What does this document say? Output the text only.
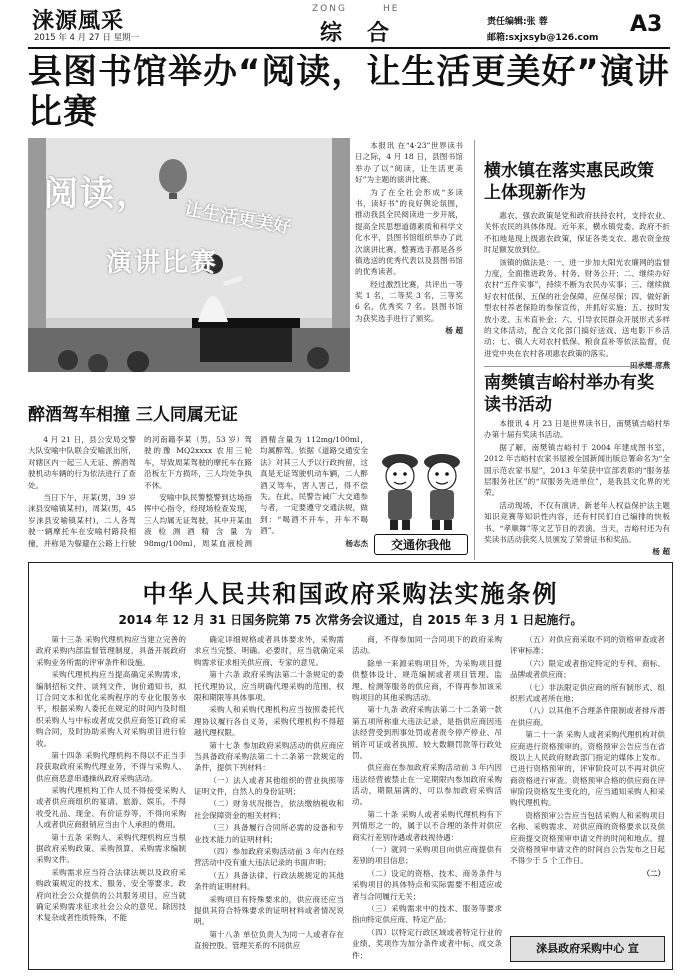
涞源風采
2015 年 4 月 27 日 星期一
ZONG	HE
综 合	责任编辑:张 蓉
邮箱:sxjxsyb@126.com
A3
县图书馆举办“阅读，让生活更美好”演讲比赛
阅读，
让生活更美好
演讲比赛

本报讯 在“4·23”世界读书日之际，4 月 18 日，县图书馆举办了以“阅读，让生活更美好”为主题的演讲比赛。

为了在全社会形成“多读书，读好书”的良好舆论氛围，推动我县全民阅读进一步开展，提高全民思想道德素质和科学文化水平，县图书馆组织举办了此次演讲比赛。整赛选手都是各乡镇选送的优秀代表以及县图书馆的优秀读者。

经过激烈比赛，共评出一等奖 1 名，二等奖 3 名，三等奖 6 名，优秀奖 7 名。县图书馆为获奖选手进行了颁奖。

杨 超

横水镇在落实惠民政策上体现新作为

惠农、强农政策是党和政府扶持农村，支持农业、关怀农民的具体体现。近年来，横水镇党委、政府不折不扣地是现上级惠农政策，保证各类支农、惠农资金按时足额发放到位。

该镇的做法是：一、进一步加大阳光农廉网的监督力度，全面推进政务、村务、财务公开；二、继续办好农村“五件实事”，持续不断为农民办实事；三、继续做好农村低保、五保的社会保障，应保尽保；四、做好新型农村养老保险的参保宣传，并抓好实施；五、按时发放小麦、玉米直补金；六、引导农民群众开展形式多样的文体活动，配合文化部门搞好送戏、送电影下乡活动；七、镇人大对农村低保、粮食直补等依法监督，促进党中央在农村各项惠农政策的落实。

南樊镇吉峪村举办有奖读书活动

本报讯 4 月 23 日是世界读书日，南樊镇吉峪村举办第十届有奖读书活动。

据了解，南樊镇吉峪村于 2004 年建成图书室，2012 年吉峪村农家书屋被全国新闻出版总署命名为“全国示范农家书屋”，2013 年荣获中宣部表彰的“服务基层服务社区”的“双服务先进单位”，是我县文化界的光荣。

活动现场，不仅有演讲，新老年人权益保护法主题知识竞赛等知识性内容，还有村民们自己编排的快板书、“孝顺舞”等文艺节目的表演。当天，吉峪村还为有奖读书活动获奖人员颁发了荣誉证书和奖品。

杨 超

醉酒驾车相撞 三人同属无证

4 月 21 日，县公安局交警大队安喻中队联合安喻派出所，对辖区内一起三人无证、醉酒驾驶机动车辆的行为依法进行了查处。

当日下午，开某(男，39 岁涞县安喻镇某村)，周某(男，45 岁涞县安喻镇某村)，二人各驾驶一辆摩托车在安喻村路段相撞，并称是为躲避在公路上行驶的河南籍李某（男，53 岁）驾驶的豫 MQ2xxxx 农用三轮车，导致周某驾驶的摩托车在路沿板左下方损坏，三人均处争执不休。

安喻中队民警整警到达场指挥中心指令，经现场检查发现，三人均属无证驾驶，其中开某血液检测酒精含量为 98mg/100ml，周某血液检测酒精含量为 112mg/100ml，均属醉驾。依据《道路交通安全法》对其三人予以行政拘留，这真是无证驾驶机动车辆，二人醉酒又驾车，害人害己，得不偿失。在此，民警告诫广大交通参与者，一定要遵守交通法规，做到：“喝酒不开车，开车不喝酒”。

杨志杰	交通你我他
中华人民共和国政府采购法实施条例
2014 年 12 月 31 日国务院第 75 次常务会议通过，自 2015 年 3 月 1 日起施行。

第十三条 采购代理机构应当建立完善的政府采购内部监督管理制度，具备开展政府采购业务所需的评审条件和设施。

采购代理机构应当提高确定采购需求，编制招标文件、谈判文件、询价通知书，拟订合同文本和优化采购程序的专业化服务水平，根据采购人委托在规定的时间内及时组织采购人与中标或者成交供应商签订政府采购合同，及时协助采购人对采购项目进行验收。

第十四条 采购代理机构不得以不正当手段获取政府采购代理业务，不得与采购人、供应商恶意串通操纵政府采购活动。

采购代理机构工作人员不得接受采购人或者供应商组织的宴请、旅游、娱乐，不得收受礼品、现金、有价证券等，不得向采购人或者供应商报销应当由个人承担的费用。

第十五条 采购人、采购代理机构应当根据政府采购政策、采购预算、采购需求编制采购文件。

采购需求应当符合法律法规以及政府采购政策规定的技术、服务、安全等要求。政府向社会公众提供的公共服务项目，应当就确定采购需求征求社会公众的意见。除因技术复杂或者性质特殊，不能

确定详细规格或者具体要求外，采购需求应当完整、明确。必要时，应当就确定采购需求征求相关供应商、专家的意见。

第十六条 政府采购法第二十条规定的委托代理协议，应当明确代理采购的范围、权限和期限等具体事项。

采购人和采购代理机构应当按照委托代理协议履行各自义务，采购代理机构不得超越代理权限。

第十七条 参加政府采购活动的供应商应当具备政府采购法第二十二条第一款规定的条件，提供下列材料：

（一）法人或者其他组织的营业执照等证明文件，自然人的身份证明；

（二）财务状况报告，依法缴纳税收和社会保障资金的相关材料；

（三）具备履行合同所必需的设备和专业技术能力的证明材料；

（四）参加政府采购活动前 3 年内在经营活动中没有重大违法记录的书面声明；

（五）具备法律、行政法规规定的其他条件的证明材料。

采购项目有特殊要求的，供应商还应当提供其符合特殊要求的证明材料或者情况说明。

第十八条 单位负责人为同一人或者存在直接控股、管理关系的不同供应

商，不得参加同一合同项下的政府采购活动。

除单一来源采购项目外，为采购项目提供整体设计、规范编制或者项目管理、监理、检测等服务的供应商，不得再参加该采购项目的其他采购活动。

第十九条 政府采购法第二十二条第一款第五项所称重大违法记录，是指供应商因违法经营受到刑事处罚或者责令停产停业、吊销许可证或者执照、较大数额罚款等行政处罚。

供应商在参加政府采购活动前 3 年内因违法经营被禁止在一定期限内参加政府采购活动，期限届满的，可以参加政府采购活动。

第二十条 采购人或者采购代理机构有下列情形之一的，属于以不合理的条件对供应商实行差别待遇或者歧视待遇：

（一）就同一采购项目向供应商提供有差别的项目信息；

（二）设定的资格、技术、商务条件与采购项目的具体特点和实际需要不相适应或者与合同履行无关；

（三）采购需求中的技术、服务等要求指向特定供应商、特定产品；

（四）以特定行政区域或者特定行业的业绩、奖项作为加分条件或者中标、成交条件；

（五）对供应商采取不同的资格审查或者评审标准；

（六）限定或者指定特定的专利、商标、品牌或者供应商；

（七）非法限定供应商的所有制形式、组织形式或者所在地；

（八）以其他不合理条件限制或者排斥潜在供应商。

第二十一条 采购人或者采购代理机构对供应商进行资格预审的，资格预审公告应当在省级以上人民政府财政部门指定的媒体上发布。已进行资格预审的，评审阶段可以不再对供应商资格进行审查。资格预审合格的供应商在评审阶段资格发生变化的，应当通知采购人和采购代理机构。

资格预审公告应当包括采购人和采购项目名称、采购需求、对供应商的资格要求以及供应商提交资格预审申请文件的时间和地点。提交资格预审申请文件的时间自公告发布之日起不得少于 5 个工作日。

（二）

涞县政府采购中心 宣
